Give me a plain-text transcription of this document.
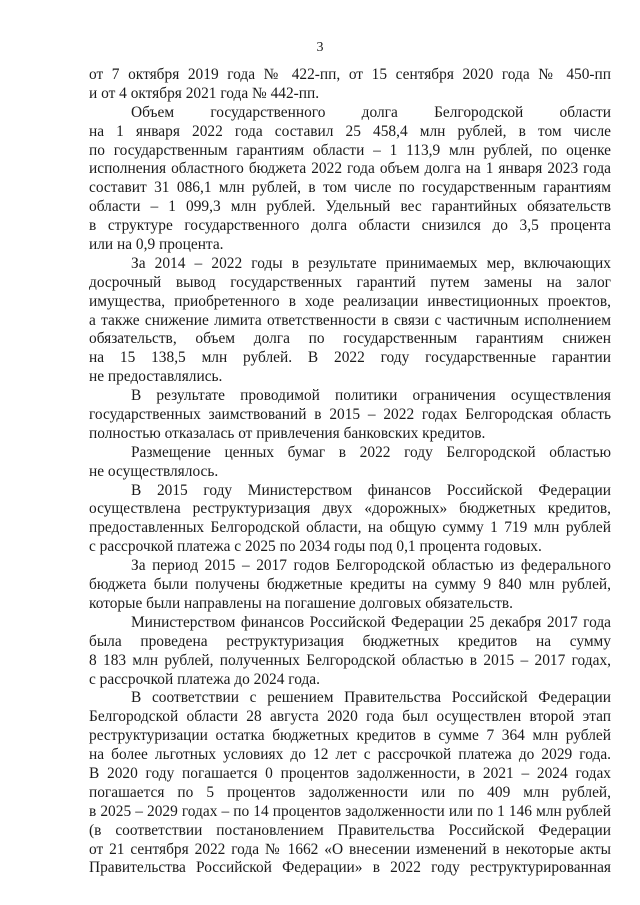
3
от 7 октября 2019 года № 422-пп, от 15 сентября 2020 года № 450-пп
и от 4 октября 2021 года № 442-пп.
Объем государственного долга Белгородской области
на 1 января 2022 года составил 25 458,4 млн рублей, в том числе
по государственным гарантиям области – 1 113,9 млн рублей, по оценке
исполнения областного бюджета 2022 года объем долга на 1 января 2023 года
составит 31 086,1 млн рублей, в том числе по государственным гарантиям
области – 1 099,3 млн рублей. Удельный вес гарантийных обязательств
в структуре государственного долга области снизился до 3,5 процента
или на 0,9 процента.
За 2014 – 2022 годы в результате принимаемых мер, включающих
досрочный вывод государственных гарантий путем замены на залог
имущества, приобретенного в ходе реализации инвестиционных проектов,
а также снижение лимита ответственности в связи с частичным исполнением
обязательств, объем долга по государственным гарантиям снижен
на 15 138,5 млн рублей. В 2022 году государственные гарантии
не предоставлялись.
В результате проводимой политики ограничения осуществления
государственных заимствований в 2015 – 2022 годах Белгородская область
полностью отказалась от привлечения банковских кредитов.
Размещение ценных бумаг в 2022 году Белгородской областью
не осуществлялось.
В 2015 году Министерством финансов Российской Федерации
осуществлена реструктуризация двух «дорожных» бюджетных кредитов,
предоставленных Белгородской области, на общую сумму 1 719 млн рублей
с рассрочкой платежа с 2025 по 2034 годы под 0,1 процента годовых.
За период 2015 – 2017 годов Белгородской областью из федерального
бюджета были получены бюджетные кредиты на сумму 9 840 млн рублей,
которые были направлены на погашение долговых обязательств.
Министерством финансов Российской Федерации 25 декабря 2017 года
была проведена реструктуризация бюджетных кредитов на сумму
8 183 млн рублей, полученных Белгородской областью в 2015 – 2017 годах,
с рассрочкой платежа до 2024 года.
В соответствии с решением Правительства Российской Федерации
Белгородской области 28 августа 2020 года был осуществлен второй этап
реструктуризации остатка бюджетных кредитов в сумме 7 364 млн рублей
на более льготных условиях до 12 лет с рассрочкой платежа до 2029 года.
В 2020 году погашается 0 процентов задолженности, в 2021 – 2024 годах
погашается по 5 процентов задолженности или по 409 млн рублей,
в 2025 – 2029 годах – по 14 процентов задолженности или по 1 146 млн рублей
(в соответствии постановлением Правительства Российской Федерации
от 21 сентября 2022 года № 1662 «О внесении изменений в некоторые акты
Правительства Российской Федерации» в 2022 году реструктурированная
